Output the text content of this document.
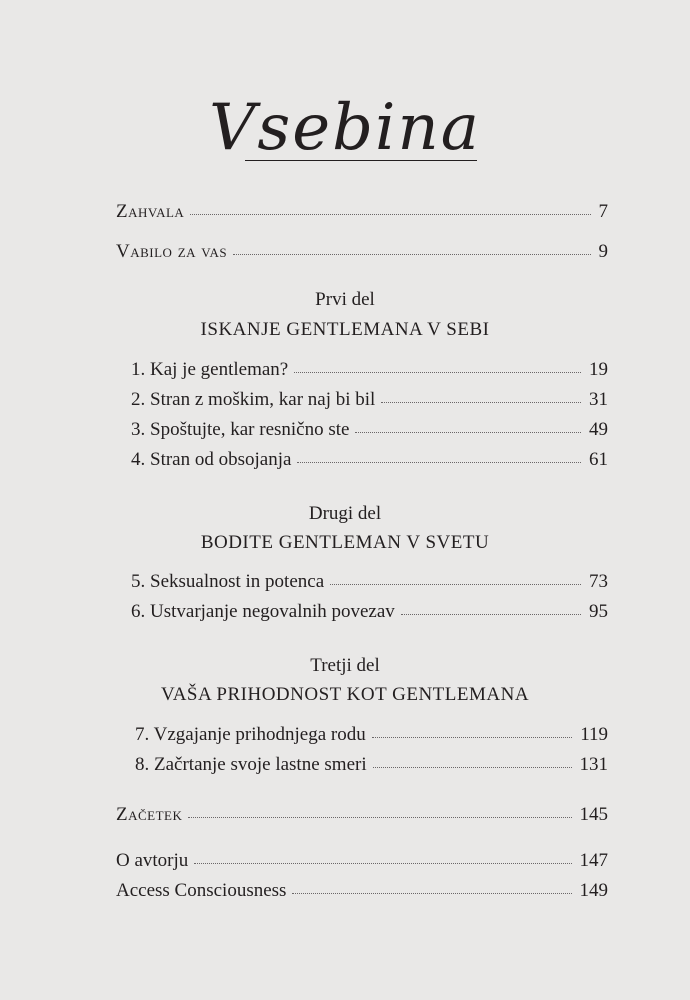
Vsebina
Zahvala	7
Vabilo za vas	9
Prvi del
ISKANJE GENTLEMANA V SEBI
1. Kaj je gentleman?	19
2. Stran z moškim, kar naj bi bil	31
3. Spoštujte, kar resnično ste	49
4. Stran od obsojanja	61
Drugi del
BODITE GENTLEMAN V SVETU
5. Seksualnost in potenca	73
6. Ustvarjanje negovalnih povezav	95
Tretji del
VAŠA PRIHODNOST KOT GENTLEMANA
7. Vzgajanje prihodnjega rodu	119
8. Začrtanje svoje lastne smeri	131
Začetek	145
O avtorju	147
Access Consciousness	149
